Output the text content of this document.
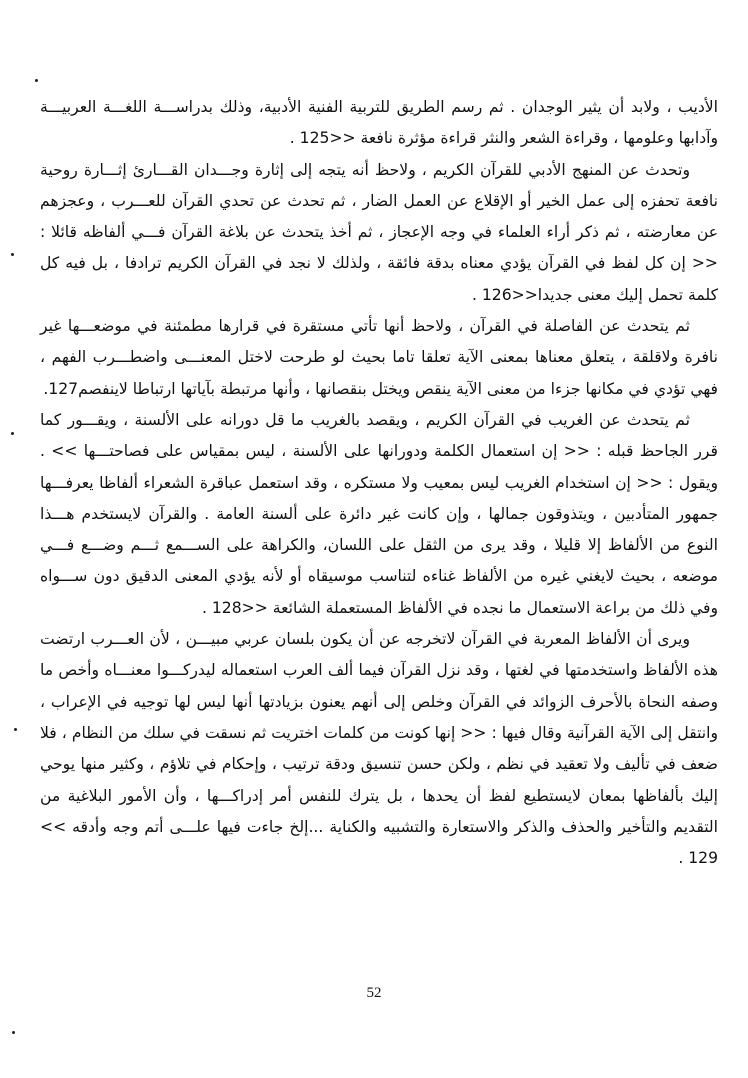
الأديب ، ولابد أن يثير الوجدان . ثم رسم الطريق للتربية الفنية الأدبية، وذلك بدراســـة اللغـــة العربيـــة وآدابها وعلومها ، وقراءة الشعر والنثر قراءة مؤثرة نافعة <<125 .

وتحدث عن المنهج الأدبي للقرآن الكريم ، ولاحظ أنه يتجه إلى إثارة وجـــدان القـــارئ إثـــارة روحية نافعة تحفزه إلى عمل الخير أو الإقلاع عن العمل الضار ، ثم تحدث عن تحدي القرآن للعـــرب ، وعجزهم عن معارضته ، ثم ذكر أراء العلماء في وجه الإعجاز ، ثم أخذ يتحدث عن بلاغة القرآن فـــي ألفاظه قائلا : << إن كل لفظ في القرآن يؤدي معناه بدقة فائقة ، ولذلك لا نجد في القرآن الكريم ترادفا ، بل فيه كل كلمة تحمل إليك معنى جديدا<<126 .

ثم يتحدث عن الفاصلة في القرآن ، ولاحظ أنها تأتي مستقرة في قرارها مطمئنة في موضعـــها غير نافرة ولاقلقة ، يتعلق معناها بمعنى الآية تعلقا تاما بحيث لو طرحت لاختل المعنـــى واضطـــرب الفهم ، فهي تؤدي في مكانها جزءا من معنى الآية ينقص ويختل بنقصانها ، وأنها مرتبطة بآياتها ارتباطا لاينفصم127.

ثم يتحدث عن الغريب في القرآن الكريم ، ويقصد بالغريب ما قل دورانه على الألسنة ، ويقـــور كما قرر الجاحظ قبله : << إن استعمال الكلمة ودورانها على الألسنة ، ليس بمقياس على فصاحتـــها >> . ويقول : << إن استخدام الغريب ليس بمعيب ولا مستكره ، وقد استعمل عباقرة الشعراء ألفاظا يعرفـــها جمهور المتأدبين ، ويتذوقون جمالها ، وإن كانت غير دائرة على ألسنة العامة . والقرآن لايستخدم هـــذا النوع من الألفاظ إلا قليلا ، وقد يرى من الثقل على اللسان، والكراهة على الســـمع ثـــم وضـــع فـــي موضعه ، بحيث لايغني غيره من الألفاظ غناءه لتناسب موسيقاه أو لأنه يؤدي المعنى الدقيق دون ســـواه وفي ذلك من براعة الاستعمال ما نجده في الألفاظ المستعملة الشائعة <<128 .

ويرى أن الألفاظ المعربة في القرآن لاتخرجه عن أن يكون بلسان عربي مبيـــن ، لأن العـــرب ارتضت هذه الألفاظ واستخدمتها في لغتها ، وقد نزل القرآن فيما ألف العرب استعماله ليدركـــوا معنـــاه وأخص ما وصفه النحاة بالأحرف الزوائد في القرآن وخلص إلى أنهم يعنون بزيادتها أنها ليس لها توجيه في الإعراب ، وانتقل إلى الآية القرآنية وقال فيها : << إنها كونت من كلمات اختريت ثم نسقت في سلك من النظام ، فلا ضعف في تأليف ولا تعقيد في نظم ، ولكن حسن تنسيق ودقة ترتيب ، وإحكام في تلاؤم ، وكثير منها يوحي إليك بألفاظها بمعان لايستطيع لفظ أن يحدها ، بل يترك للنفس أمر إدراكـــها ، وأن الأمور البلاغية من التقديم والتأخير والحذف والذكر والاستعارة والتشبيه والكناية ...إلخ جاءت فيها علـــى أتم وجه وأدقه >> 129 .

52
